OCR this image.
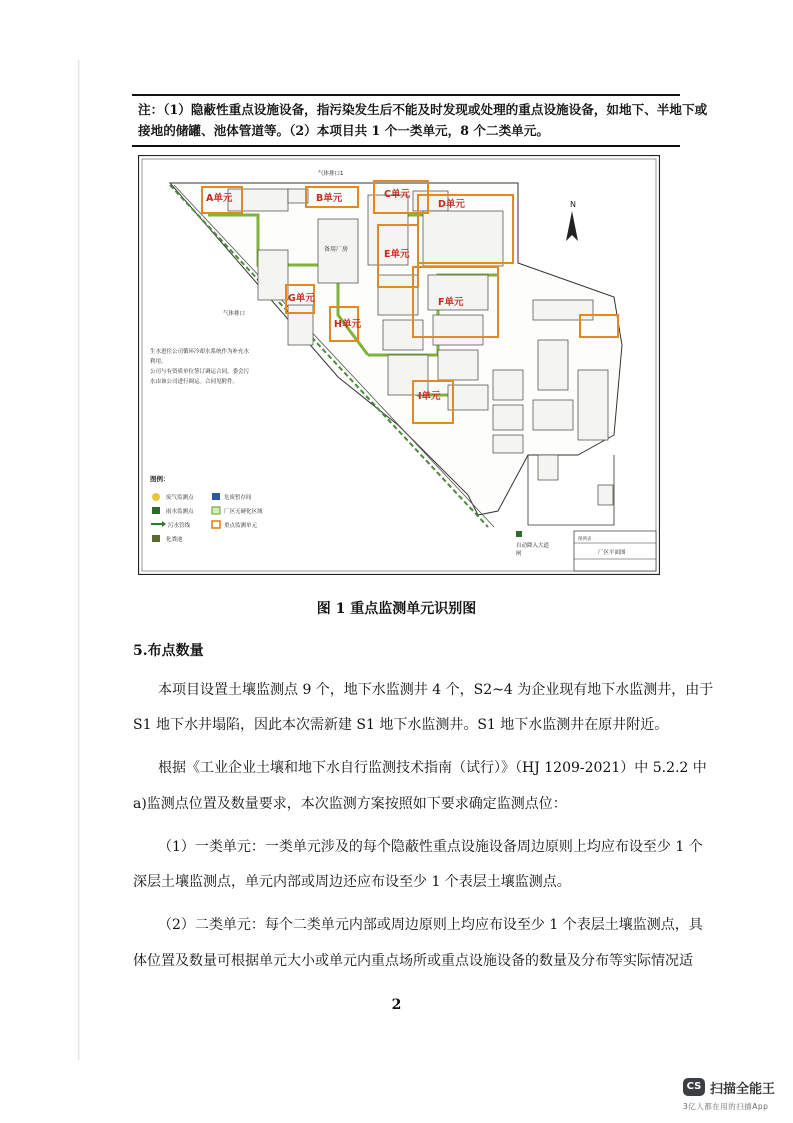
注：（1）隐蔽性重点设施设备，指污染发生后不能及时发现或处理的重点设施设备，如地下、半地下或
接地的储罐、池体管道等。（2）本项目共 1 个一类单元，8 个二类单元。
备用厂房
B单元	C单元
D单元
E单元
A单元
F单元
G单元
H单元
I单元
气体排口1
气体排口
N
生水进往公司循环冷却水系统作为补充水
利用。
公司与有资质单位签订调运合同，委会污
水由该公司进行调运。合同见附件。
图例：
废气监测点	危废暂存间
雨水监测点	厂区无硬化区域
污水管线	重点监测单元
化粪池
自动降入大道
闸
图例表
厂区平面图
图 1 重点监测单元识别图
5.布点数量
本项目设置土壤监测点 9 个，地下水监测井 4 个，S2~4 为企业现有地下水监测井，由于
S1 地下水井塌陷，因此本次需新建 S1 地下水监测井。S1 地下水监测井在原井附近。
根据《工业企业土壤和地下水自行监测技术指南（试行）》（HJ 1209-2021）中 5.2.2 中
a)监测点位置及数量要求，本次监测方案按照如下要求确定监测点位：
（1）一类单元：一类单元涉及的每个隐蔽性重点设施设备周边原则上均应布设至少 1 个
深层土壤监测点，单元内部或周边还应布设至少 1 个表层土壤监测点。
（2）二类单元：每个二类单元内部或周边原则上均应布设至少 1 个表层土壤监测点，具
体位置及数量可根据单元大小或单元内重点场所或重点设施设备的数量及分布等实际情况适
2
CS 扫描全能王
3亿人都在用的扫描App
